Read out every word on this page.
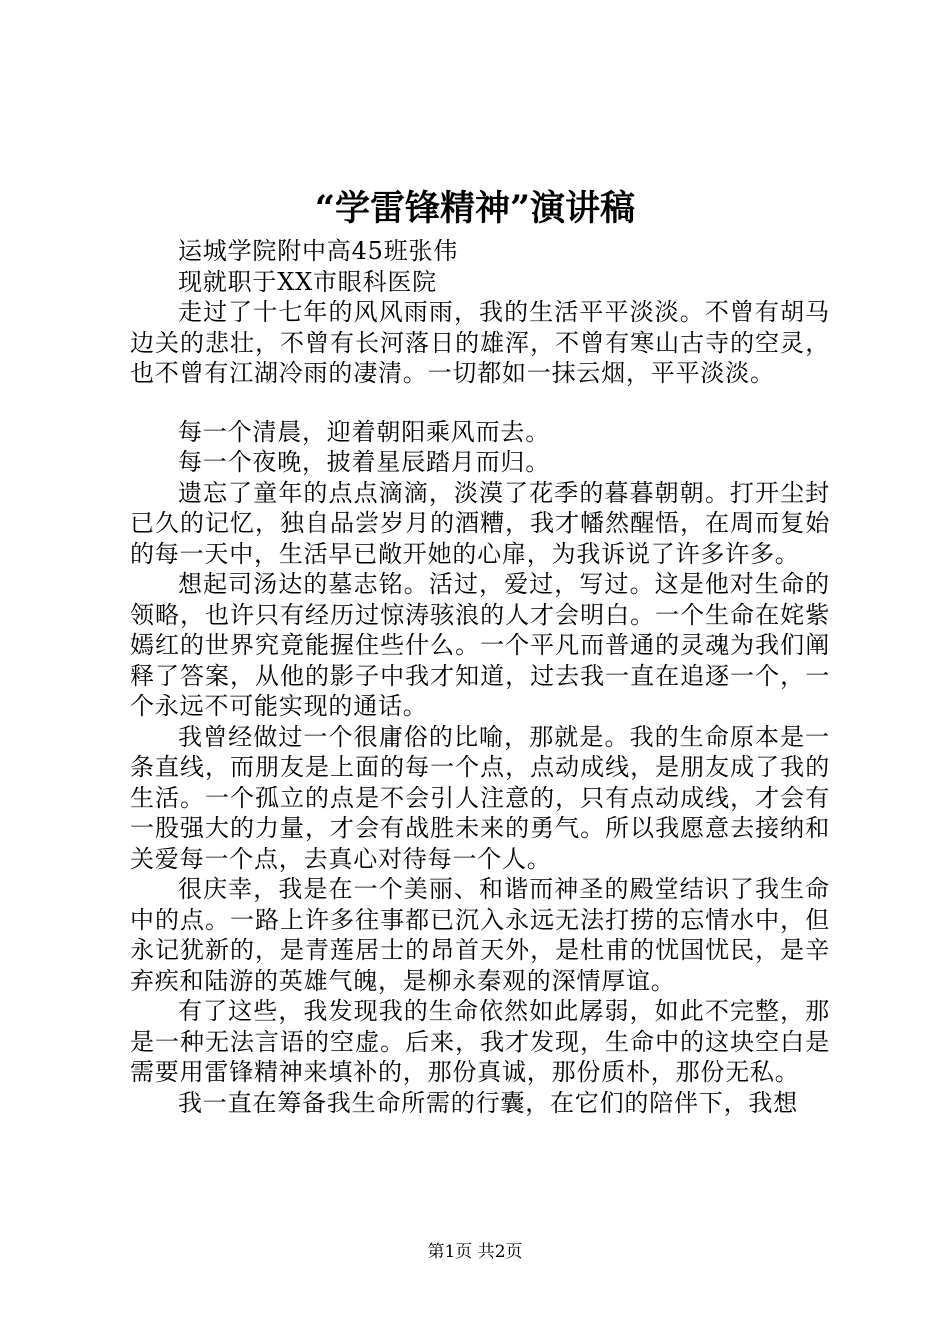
“学雷锋精神”演讲稿

运城学院附中高45班张伟

现就职于XX市眼科医院

走过了十七年的风风雨雨，我的生活平平淡淡。不曾有胡马边关的悲壮，不曾有长河落日的雄浑，不曾有寒山古寺的空灵，也不曾有江湖冷雨的凄清。一切都如一抹云烟，平平淡淡。

每一个清晨，迎着朝阳乘风而去。

每一个夜晚，披着星辰踏月而归。

遗忘了童年的点点滴滴，淡漠了花季的暮暮朝朝。打开尘封已久的记忆，独自品尝岁月的酒糟，我才幡然醒悟，在周而复始的每一天中，生活早已敞开她的心扉，为我诉说了许多许多。

想起司汤达的墓志铭。活过，爱过，写过。这是他对生命的领略，也许只有经历过惊涛骇浪的人才会明白。一个生命在姹紫嫣红的世界究竟能握住些什么。一个平凡而普通的灵魂为我们阐释了答案，从他的影子中我才知道，过去我一直在追逐一个，一个永远不可能实现的通话。

我曾经做过一个很庸俗的比喻，那就是。我的生命原本是一条直线，而朋友是上面的每一个点，点动成线，是朋友成了我的生活。一个孤立的点是不会引人注意的，只有点动成线，才会有一股强大的力量，才会有战胜未来的勇气。所以我愿意去接纳和关爱每一个点，去真心对待每一个人。

很庆幸，我是在一个美丽、和谐而神圣的殿堂结识了我生命中的点。一路上许多往事都已沉入永远无法打捞的忘情水中，但永记犹新的，是青莲居士的昂首天外，是杜甫的忧国忧民，是辛弃疾和陆游的英雄气魄，是柳永秦观的深情厚谊。

有了这些，我发现我的生命依然如此孱弱，如此不完整，那是一种无法言语的空虚。后来，我才发现，生命中的这块空白是需要用雷锋精神来填补的，那份真诚，那份质朴，那份无私。

我一直在筹备我生命所需的行囊，在它们的陪伴下，我想

第1页 共2页
